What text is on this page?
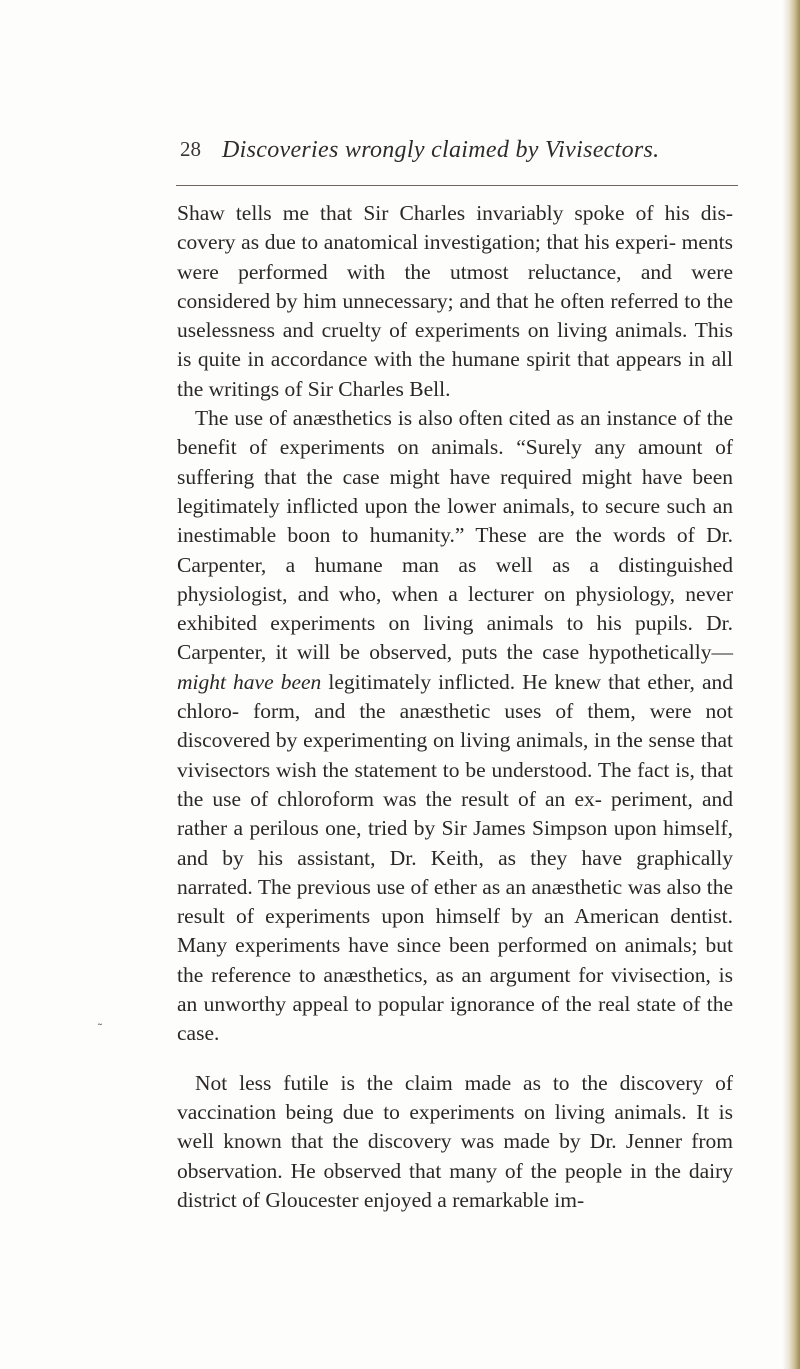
28 Discoveries wrongly claimed by Vivisectors.

Shaw tells me that Sir Charles invariably spoke of his dis- covery as due to anatomical investigation; that his experi- ments were performed with the utmost reluctance, and were considered by him unnecessary; and that he often referred to the uselessness and cruelty of experiments on living animals. This is quite in accordance with the humane spirit that appears in all the writings of Sir Charles Bell.

The use of anæsthetics is also often cited as an instance of the benefit of experiments on animals. “Surely any amount of suffering that the case might have required might have been legitimately inflicted upon the lower animals, to secure such an inestimable boon to humanity.” These are the words of Dr. Carpenter, a humane man as well as a distinguished physiologist, and who, when a lecturer on physiology, never exhibited experiments on living animals to his pupils. Dr. Carpenter, it will be observed, puts the case hypothetically—might have been legitimately inflicted. He knew that ether, and chloro- form, and the anæsthetic uses of them, were not discovered by experimenting on living animals, in the sense that vivisectors wish the statement to be understood. The fact is, that the use of chloroform was the result of an ex- periment, and rather a perilous one, tried by Sir James Simpson upon himself, and by his assistant, Dr. Keith, as they have graphically narrated. The previous use of ether as an anæsthetic was also the result of experiments upon himself by an American dentist. Many experiments have since been performed on animals; but the reference to anæsthetics, as an argument for vivisection, is an unworthy appeal to popular ignorance of the real state of the case.

Not less futile is the claim made as to the discovery of vaccination being due to experiments on living animals. It is well known that the discovery was made by Dr. Jenner from observation. He observed that many of the people in the dairy district of Gloucester enjoyed a remarkable im-

˜
